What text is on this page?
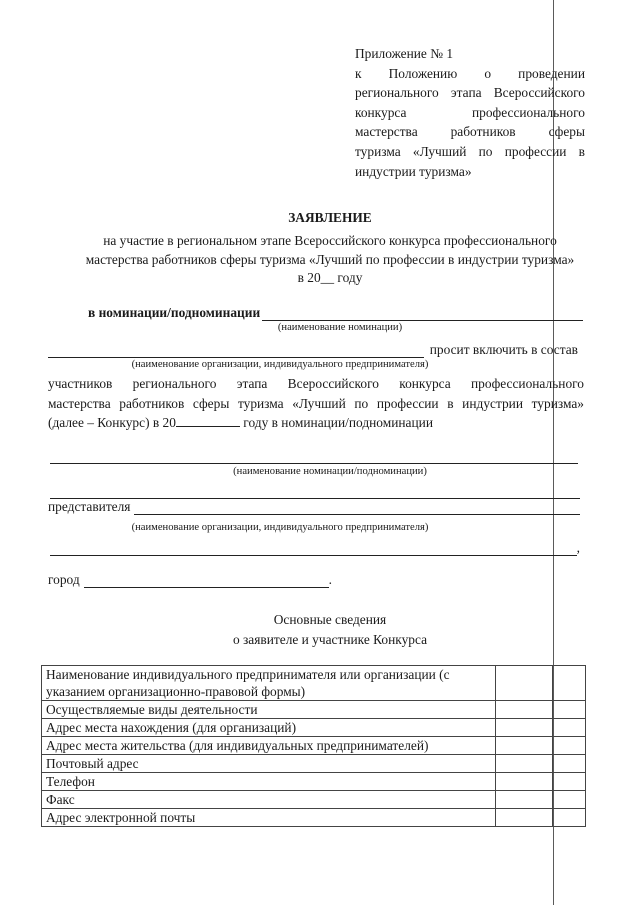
Приложение № 1
к Положению о проведении
регионального этапа Всероссийского
конкурса профессионального
мастерства работников сферы
туризма «Лучший по профессии в
индустрии туризма»
ЗАЯВЛЕНИЕ
на участие в региональном этапе Всероссийского конкурса профессионального
мастерства работников сферы туризма «Лучший по профессии в индустрии туризма»
в 20__ году
в номинации/подноминации
(наименование номинации)
просит включить в состав
(наименование организации, индивидуального предпринимателя)
участников регионального этапа Всероссийского конкурса профессионального
мастерства работников сферы туризма «Лучший по профессии в индустрии туризма»
(далее – Конкурс) в 20	году в номинации/подноминации
(наименование номинации/подноминации)
представителя
(наименование организации, индивидуального предпринимателя)
,
город	.
Основные сведения
о заявителе и участнике Конкурса
Наименование индивидуального предпринимателя или организации (с указанием организационно-правовой формы)		
Осуществляемые виды деятельности		
Адрес места нахождения (для организаций)		
Адрес места жительства (для индивидуальных предпринимателей)		
Почтовый адрес		
Телефон		
Факс		
Адрес электронной почты		
